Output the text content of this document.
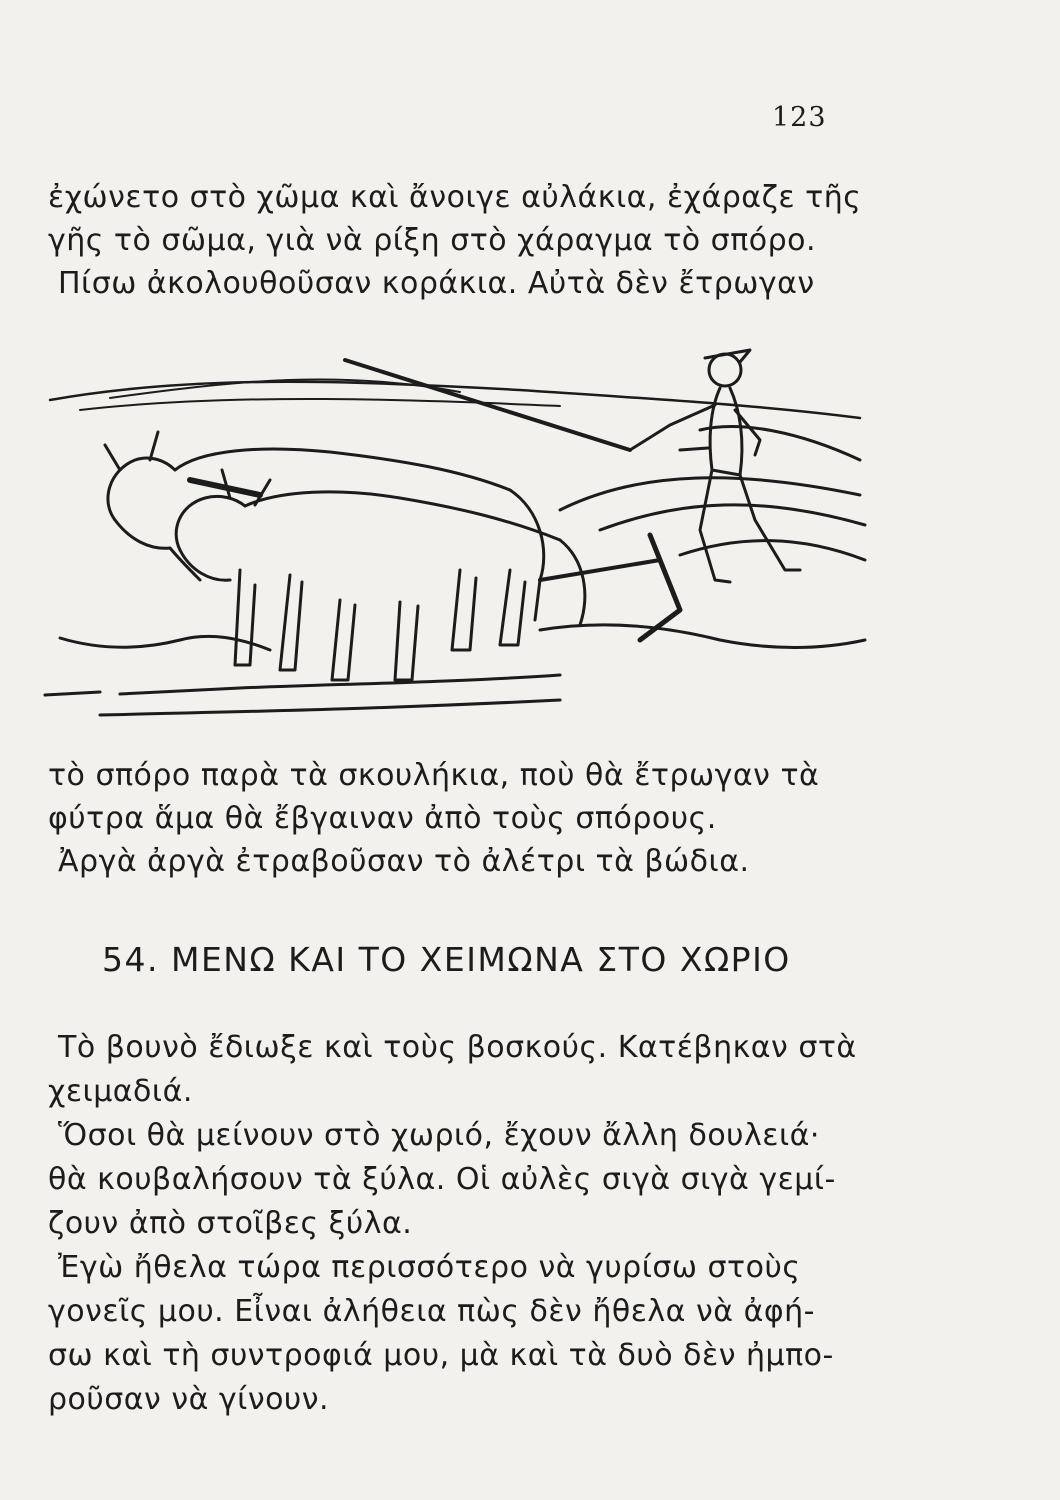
123
ἐχώνετο στὸ χῶμα καὶ ἄνοιγε αὐλάκια, ἐχάραζε τῆς
γῆς τὸ σῶμα, γιὰ νὰ ρίξη στὸ χάραγμα τὸ σπόρο.
Πίσω ἀκολουθοῦσαν κοράκια. Αὐτὰ δὲν ἔτρωγαν
τὸ σπόρο παρὰ τὰ σκουλήκια, ποὺ θὰ ἔτρωγαν τὰ
φύτρα ἅμα θὰ ἔβγαιναν ἀπὸ τοὺς σπόρους.
Ἀργὰ ἀργὰ ἐτραβοῦσαν τὸ ἀλέτρι τὰ βώδια.
54. ΜΕΝΩ ΚΑΙ ΤΟ ΧΕΙΜΩΝΑ ΣΤΟ ΧΩΡΙΟ
Τὸ βουνὸ ἔδιωξε καὶ τοὺς βοσκούς. Κατέβηκαν στὰ
χειμαδιά.
Ὅσοι θὰ μείνουν στὸ χωριό, ἔχουν ἄλλη δουλειά·
θὰ κουβαλήσουν τὰ ξύλα. Οἱ αὐλὲς σιγὰ σιγὰ γεμί-
ζουν ἀπὸ στοῖβες ξύλα.
Ἐγὼ ἤθελα τώρα περισσότερο νὰ γυρίσω στοὺς
γονεῖς μου. Εἶναι ἀλήθεια πὼς δὲν ἤθελα νὰ ἀφή-
σω καὶ τὴ συντροφιά μου, μὰ καὶ τὰ δυὸ δὲν ἠμπο-
ροῦσαν νὰ γίνουν.
